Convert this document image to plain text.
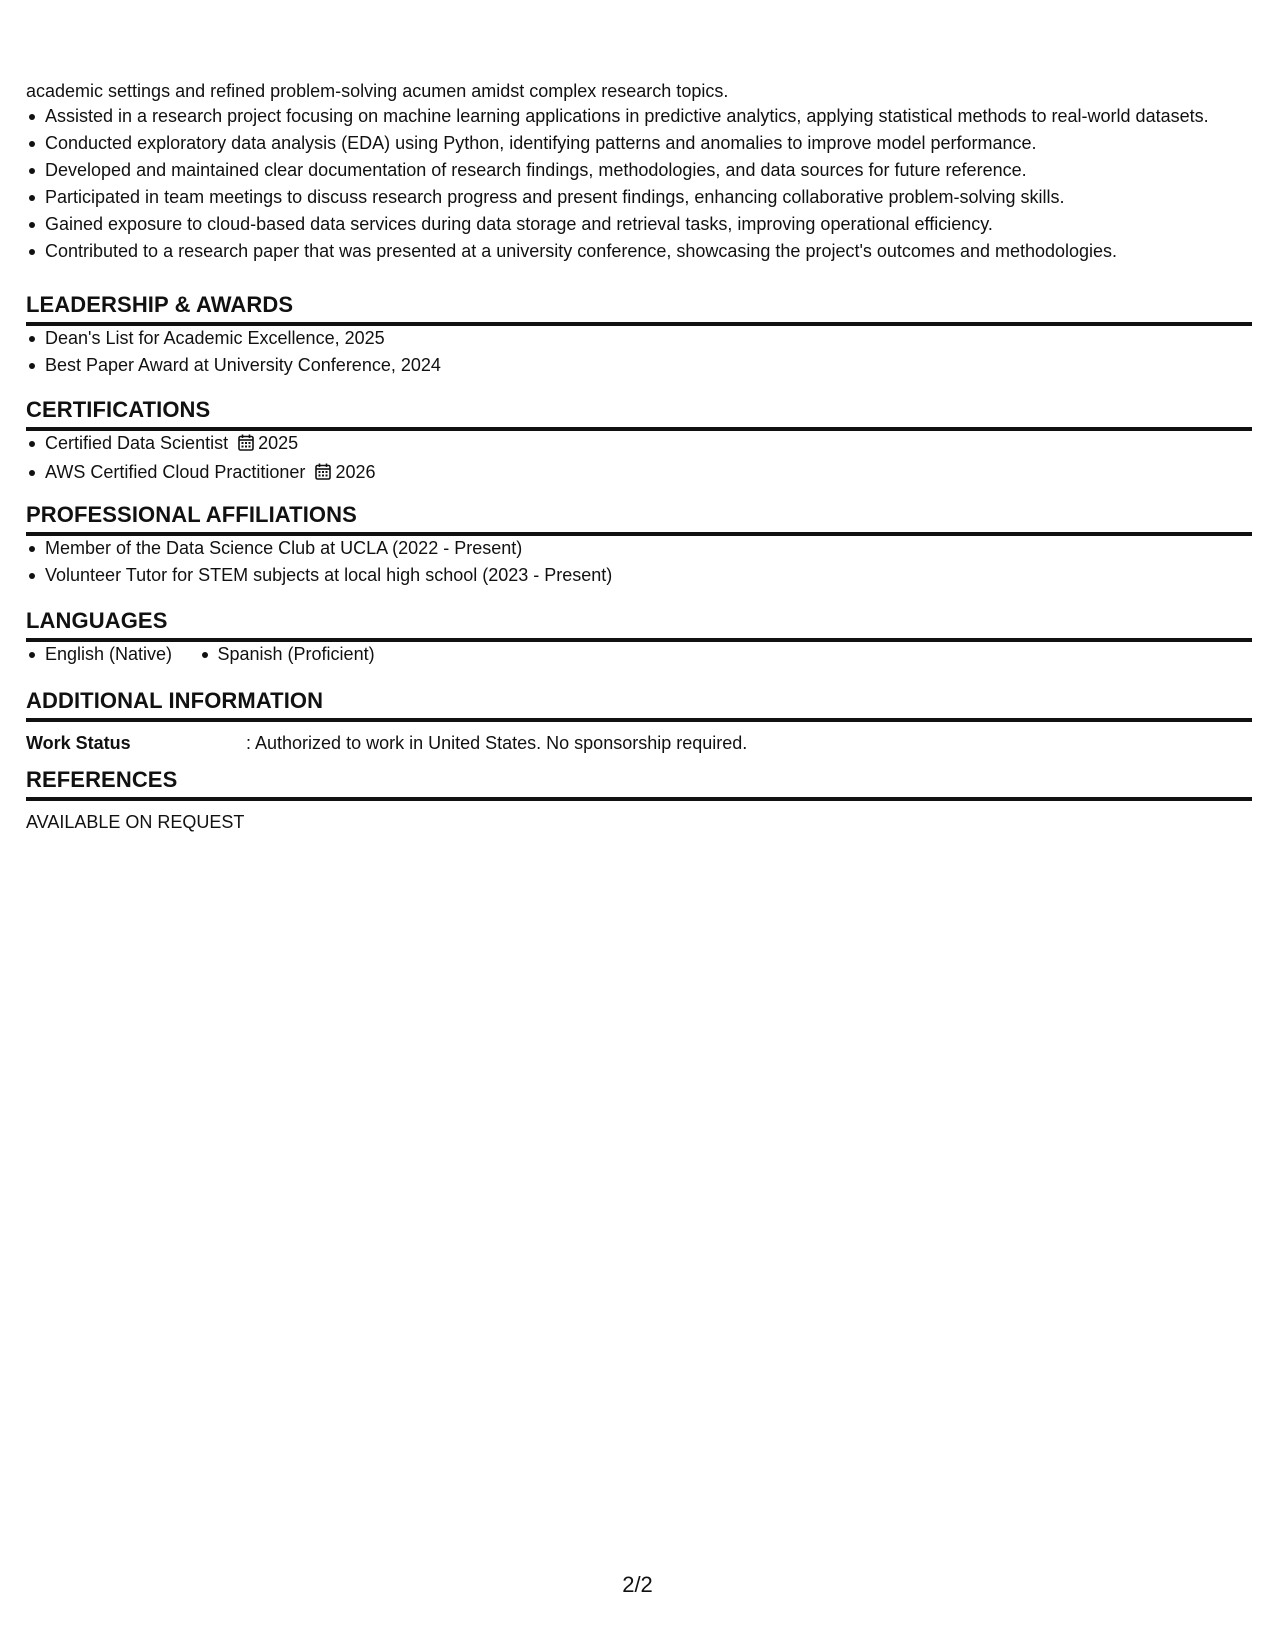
academic settings and refined problem-solving acumen amidst complex research topics.
Assisted in a research project focusing on machine learning applications in predictive analytics, applying statistical methods to real-world datasets.
Conducted exploratory data analysis (EDA) using Python, identifying patterns and anomalies to improve model performance.
Developed and maintained clear documentation of research findings, methodologies, and data sources for future reference.
Participated in team meetings to discuss research progress and present findings, enhancing collaborative problem-solving skills.
Gained exposure to cloud-based data services during data storage and retrieval tasks, improving operational efficiency.
Contributed to a research paper that was presented at a university conference, showcasing the project's outcomes and methodologies.
LEADERSHIP & AWARDS
Dean's List for Academic Excellence, 2025
Best Paper Award at University Conference, 2024
CERTIFICATIONS
Certified Data Scientist 2025
AWS Certified Cloud Practitioner 2026
PROFESSIONAL AFFILIATIONS
Member of the Data Science Club at UCLA (2022 - Present)
Volunteer Tutor for STEM subjects at local high school (2023 - Present)
LANGUAGES
English (Native)	Spanish (Proficient)
ADDITIONAL INFORMATION
Work Status	: Authorized to work in United States. No sponsorship required.
REFERENCES
AVAILABLE ON REQUEST
2/2
